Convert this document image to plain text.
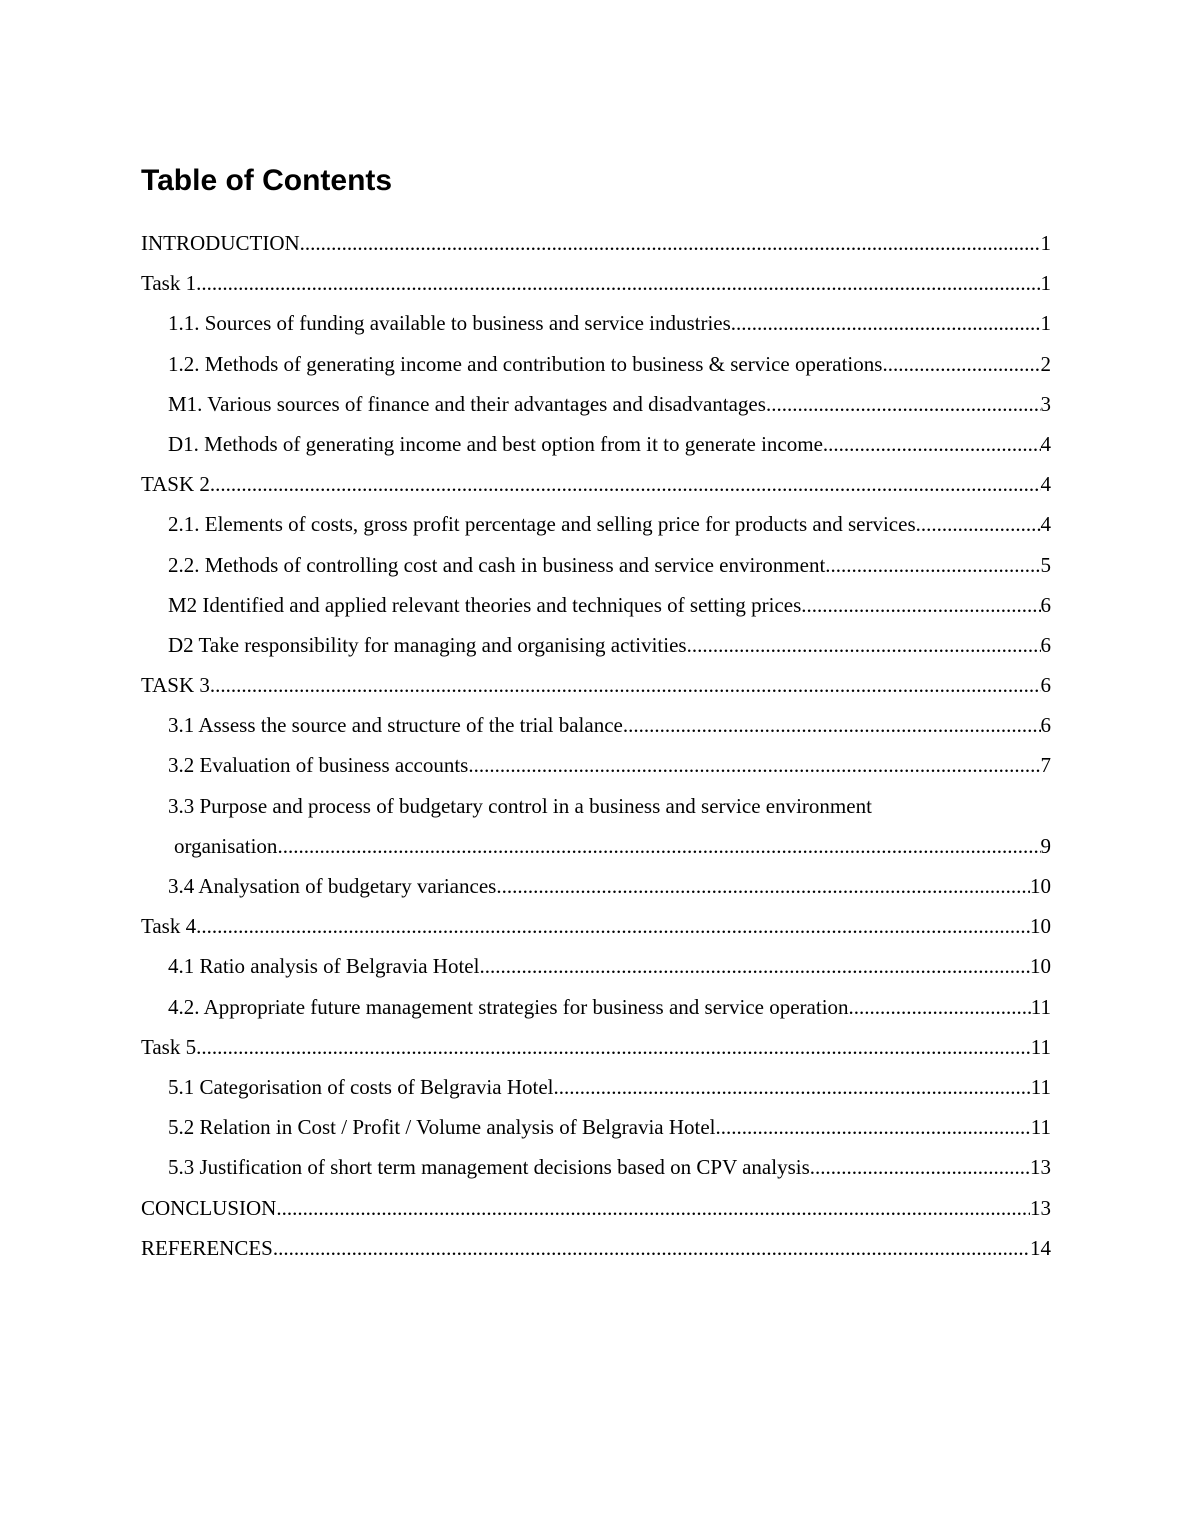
Table of Contents
INTRODUCTION .....	1
Task 1 .....	1
1.1. Sources of funding available to business and service industries .....	1
1.2. Methods of generating income and contribution to business & service operations .....	2
M1. Various sources of finance and their advantages and disadvantages .....	3
D1. Methods of generating income and best option from it to generate income .....	4
TASK 2 .....	4
2.1. Elements of costs, gross profit percentage and selling price for products and services .....	4
2.2. Methods of controlling cost and cash in business and service environment .....	5
M2 Identified and applied relevant theories and techniques of setting prices .....	6
D2 Take responsibility for managing and organising activities .....	6
TASK 3 .....	6
3.1 Assess the source and structure of the trial balance .....	6
3.2 Evaluation of business accounts .....	7
3.3 Purpose and process of budgetary control in a business and service environment
organisation .....	9
3.4 Analysation of budgetary variances .....	10
Task 4 .....	10
4.1 Ratio analysis of Belgravia Hotel .....	10
4.2. Appropriate future management strategies for business and service operation .....	11
Task 5 .....	11
5.1 Categorisation of costs of Belgravia Hotel .....	11
5.2 Relation in Cost / Profit / Volume analysis of Belgravia Hotel .....	11
5.3 Justification of short term management decisions based on CPV analysis .....	13
CONCLUSION .....	13
REFERENCES .....	14
